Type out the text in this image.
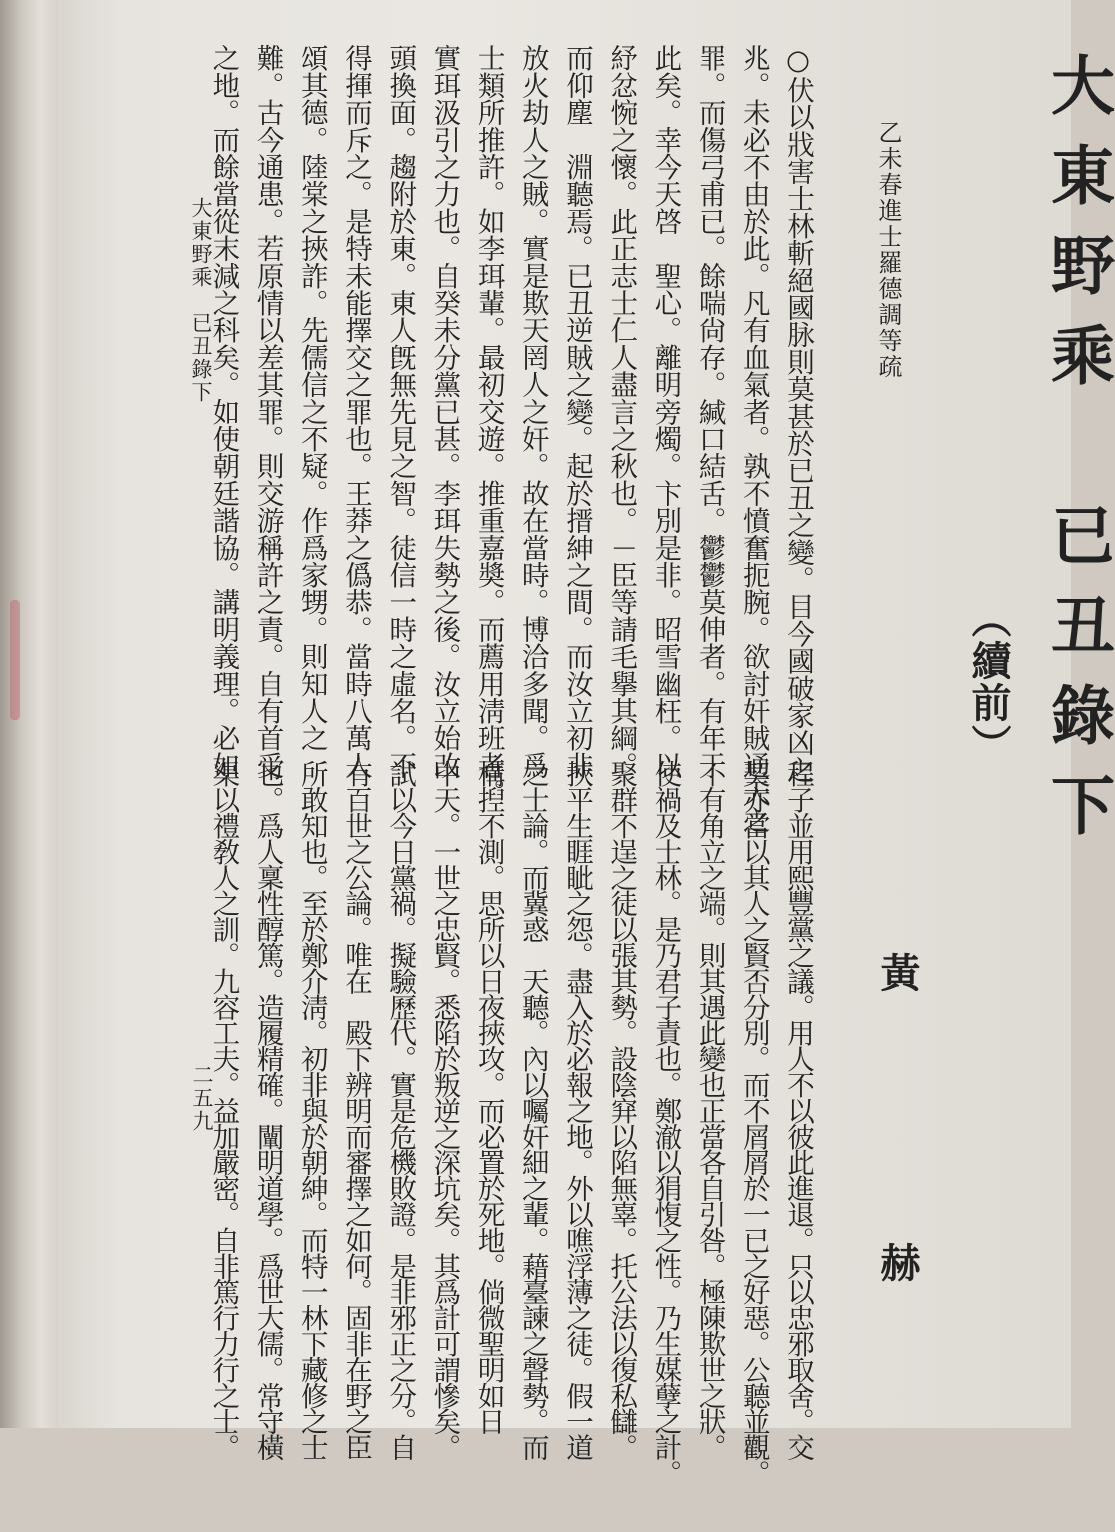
大東野乘　已丑錄下
（續前）
黃赫
乙未春進士羅德調等疏
○伏以戕害士林斬絕國脉則莫甚於已丑之變。目今國破家凶之
兆。未必不由於此。凡有血氣者。孰不憤奮扼腕。欲討奸賊通天之
罪。而傷弓甫已。餘喘尙存。緘口結舌。鬱鬱莫伸者。有年于
此矣。幸今天啓　聖心。離明旁燭。卞別是非。昭雪幽枉。以
紓忿惋之懷。此正志士仁人盡言之秋也。－臣等請毛擧其綱。
而仰塵　淵聽焉。已丑逆賊之變。起於搢紳之間。而汝立初非
放火劫人之賊。實是欺天罔人之奸。故在當時。博洽多聞。爲
士類所推許。如李珥輩。最初交遊。推重嘉奬。而薦用淸班者。
實珥汲引之力也。自癸未分黨已甚。李珥失勢之後。汝立始改
頭換面。趨附於東。東人旣無先見之智。徒信一時之虛名。不
得揮而斥之。是特未能擇交之罪也。王莽之僞恭。當時八萬人
頌其德。陸棠之挾詐。先儒信之不疑。作爲家甥。則知人之
難。古今通患。若原情以差其罪。則交游稱許之責。自有首受
之地。而餘當從末減之科矣。如使朝廷諧協。講明義理。必如
程子並用熙豐黨之議。用人不以彼此進退。只以忠邪取舍。交
契亦當以其人之賢否分別。而不屑屑於一已之好惡。公聽並觀。
不有角立之端。則其遇此變也正當各自引咎。極陳欺世之狀。
使禍及士林。是乃君子責也。鄭澈以狷愎之性。乃生媒孽之計。
聚群不逞之徒以張其勢。設陰穽以陷無辜。托公法以復私讎。
挾平生睚眦之怨。盡入於必報之地。外以噍浮薄之徒。假一道
之士論。而冀惑　天聽。內以囑奸細之輩。藉臺諫之聲勢。而
構揑不測。思所以日夜挾攻。而必置於死地。倘微聖明如日
中天。一世之忠賢。悉陷於叛逆之深坑矣。其爲計可謂慘矣。
試以今日黨禍。擬驗歷代。實是危機敗證。是非邪正之分。自
有百世之公論。唯在　殿下辨明而審擇之如何。固非在野之臣
所敢知也。至於鄭介淸。初非與於朝紳。而特一林下藏修之士
也。爲人稟性醇篤。造履精確。闡明道學。爲世大儒。常守橫
渠以禮敎人之訓。九容工夫。益加嚴密。自非篤行力行之士。
大東野乘　已丑錄下
二五九
